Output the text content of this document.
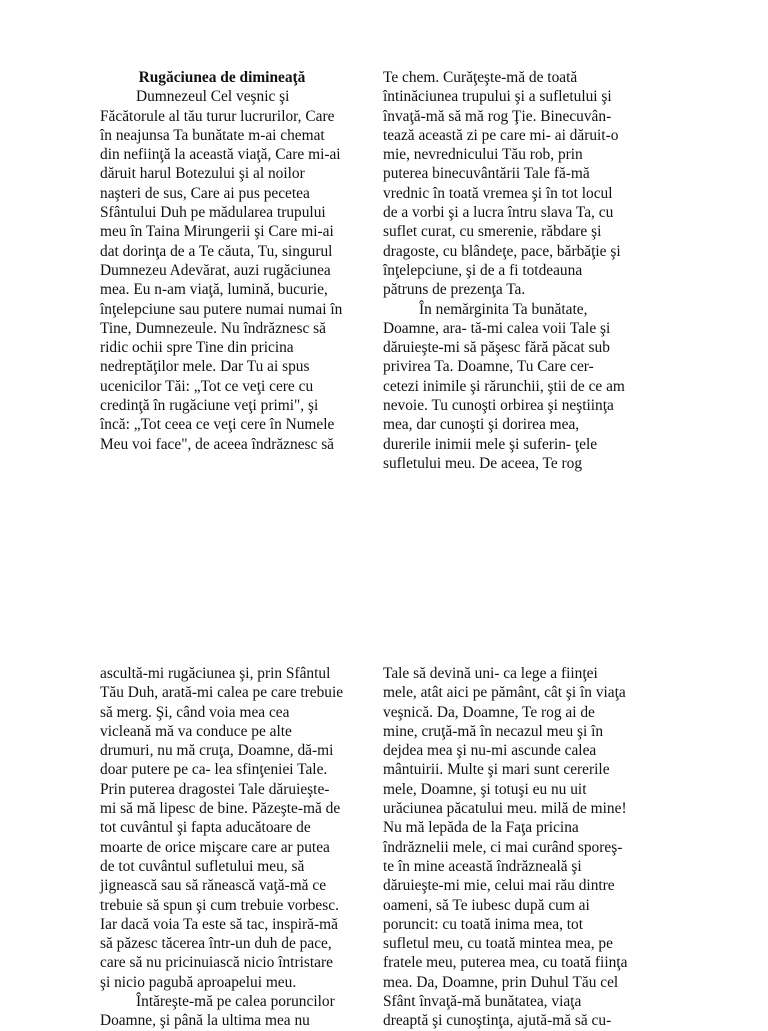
Rugăciunea de dimineaţă

Dumnezeul Cel veşnic şi
Făcătorule al tău turur lucrurilor, Care
în neajunsa Ta bunătate m-ai chemat
din nefiinţă la această viaţă, Care mi-ai
dăruit harul Botezului şi al noilor
naşteri de sus, Care ai pus pecetea
Sfântului Duh pe mădularea trupului
meu în Taina Mirungerii şi Care mi-ai
dat dorinţa de a Te căuta, Tu, singurul
Dumnezeu Adevărat, auzi rugăciunea
mea. Eu n-am viaţă, lumină, bucurie,
înţelepciune sau putere numai numai în
Tine, Dumnezeule. Nu îndrăznesc să
ridic ochii spre Tine din pricina
nedreptăţilor mele. Dar Tu ai spus
ucenicilor Tăi: „Tot ce veţi cere cu
credinţă în rugăciune veţi primi", şi
încă: „Tot ceea ce veţi cere în Numele
Meu voi face", de aceea îndrăznesc să

Te chem. Curăţeşte-mă de toată
întinăciunea trupului şi a sufletului şi
învaţă-mă să mă rog Ţie. Binecuvân-
tează această zi pe care mi- ai dăruit-o
mie, nevrednicului Tău rob, prin
puterea binecuvântării Tale fă-mă
vrednic în toată vremea şi în tot locul
de a vorbi şi a lucra întru slava Ta, cu
suflet curat, cu smerenie, răbdare şi
dragoste, cu blândeţe, pace, bărbăţie şi
înţelepciune, şi de a fi totdeauna
pătruns de prezenţa Ta.

În nemărginita Ta bunătate,
Doamne, ara- tă-mi calea voii Tale şi
dăruieşte-mi să păşesc fără păcat sub
privirea Ta. Doamne, Tu Care cer-
cetezi inimile şi rărunchii, ştii de ce am
nevoie. Tu cunoşti orbirea şi neştiinţa
mea, dar cunoşti şi dorirea mea,
durerile inimii mele şi suferin- ţele
sufletului meu. De aceea, Te rog

ascultă-mi rugăciunea şi, prin Sfântul
Tău Duh, arată-mi calea pe care trebuie
să merg. Şi, când voia mea cea
vicleană mă va conduce pe alte
drumuri, nu mă cruţa, Doamne, dă-mi
doar putere pe ca- lea sfinţeniei Tale.
Prin puterea dragostei Tale dăruieşte-
mi să mă lipesc de bine. Păzeşte-mă de
tot cuvântul şi fapta aducătoare de
moarte de orice mişcare care ar putea
de tot cuvântul sufletului meu, să
jignească sau să rănească vaţă-mă ce
trebuie să spun şi cum trebuie vorbesc.
Iar dacă voia Ta este să tac, inspiră-mă
să păzesc tăcerea într-un duh de pace,
care să nu pricinuiască nicio întristare
şi nicio pagubă aproapelui meu.

Întăreşte-mă pe calea poruncilor
Doamne, şi până la ultima mea nu

Tale să devină uni- ca lege a fiinţei
mele, atât aici pe pământ, cât şi în viaţa
veşnică. Da, Doamne, Te rog ai de
mine, cruţă-mă în necazul meu şi în
dejdea mea şi nu-mi ascunde calea
mântuirii. Multe şi mari sunt cererile
mele, Doamne, şi totuşi eu nu uit
urăciunea păcatului meu. milă de mine!
Nu mă lepăda de la Faţa pricina
îndrăznelii mele, ci mai curând sporeş-
te în mine această îndrăzneală şi
dăruieşte-mi mie, celui mai rău dintre
oameni, să Te iubesc după cum ai
poruncit: cu toată inima mea, tot
sufletul meu, cu toată mintea mea, pe
fratele meu, puterea mea, cu toată fiinţa
mea. Da, Doamne, prin Duhul Tău cel
Sfânt învaţă-mă bunătatea, viaţa
dreaptă şi cunoştinţa, ajută-mă să cu-
